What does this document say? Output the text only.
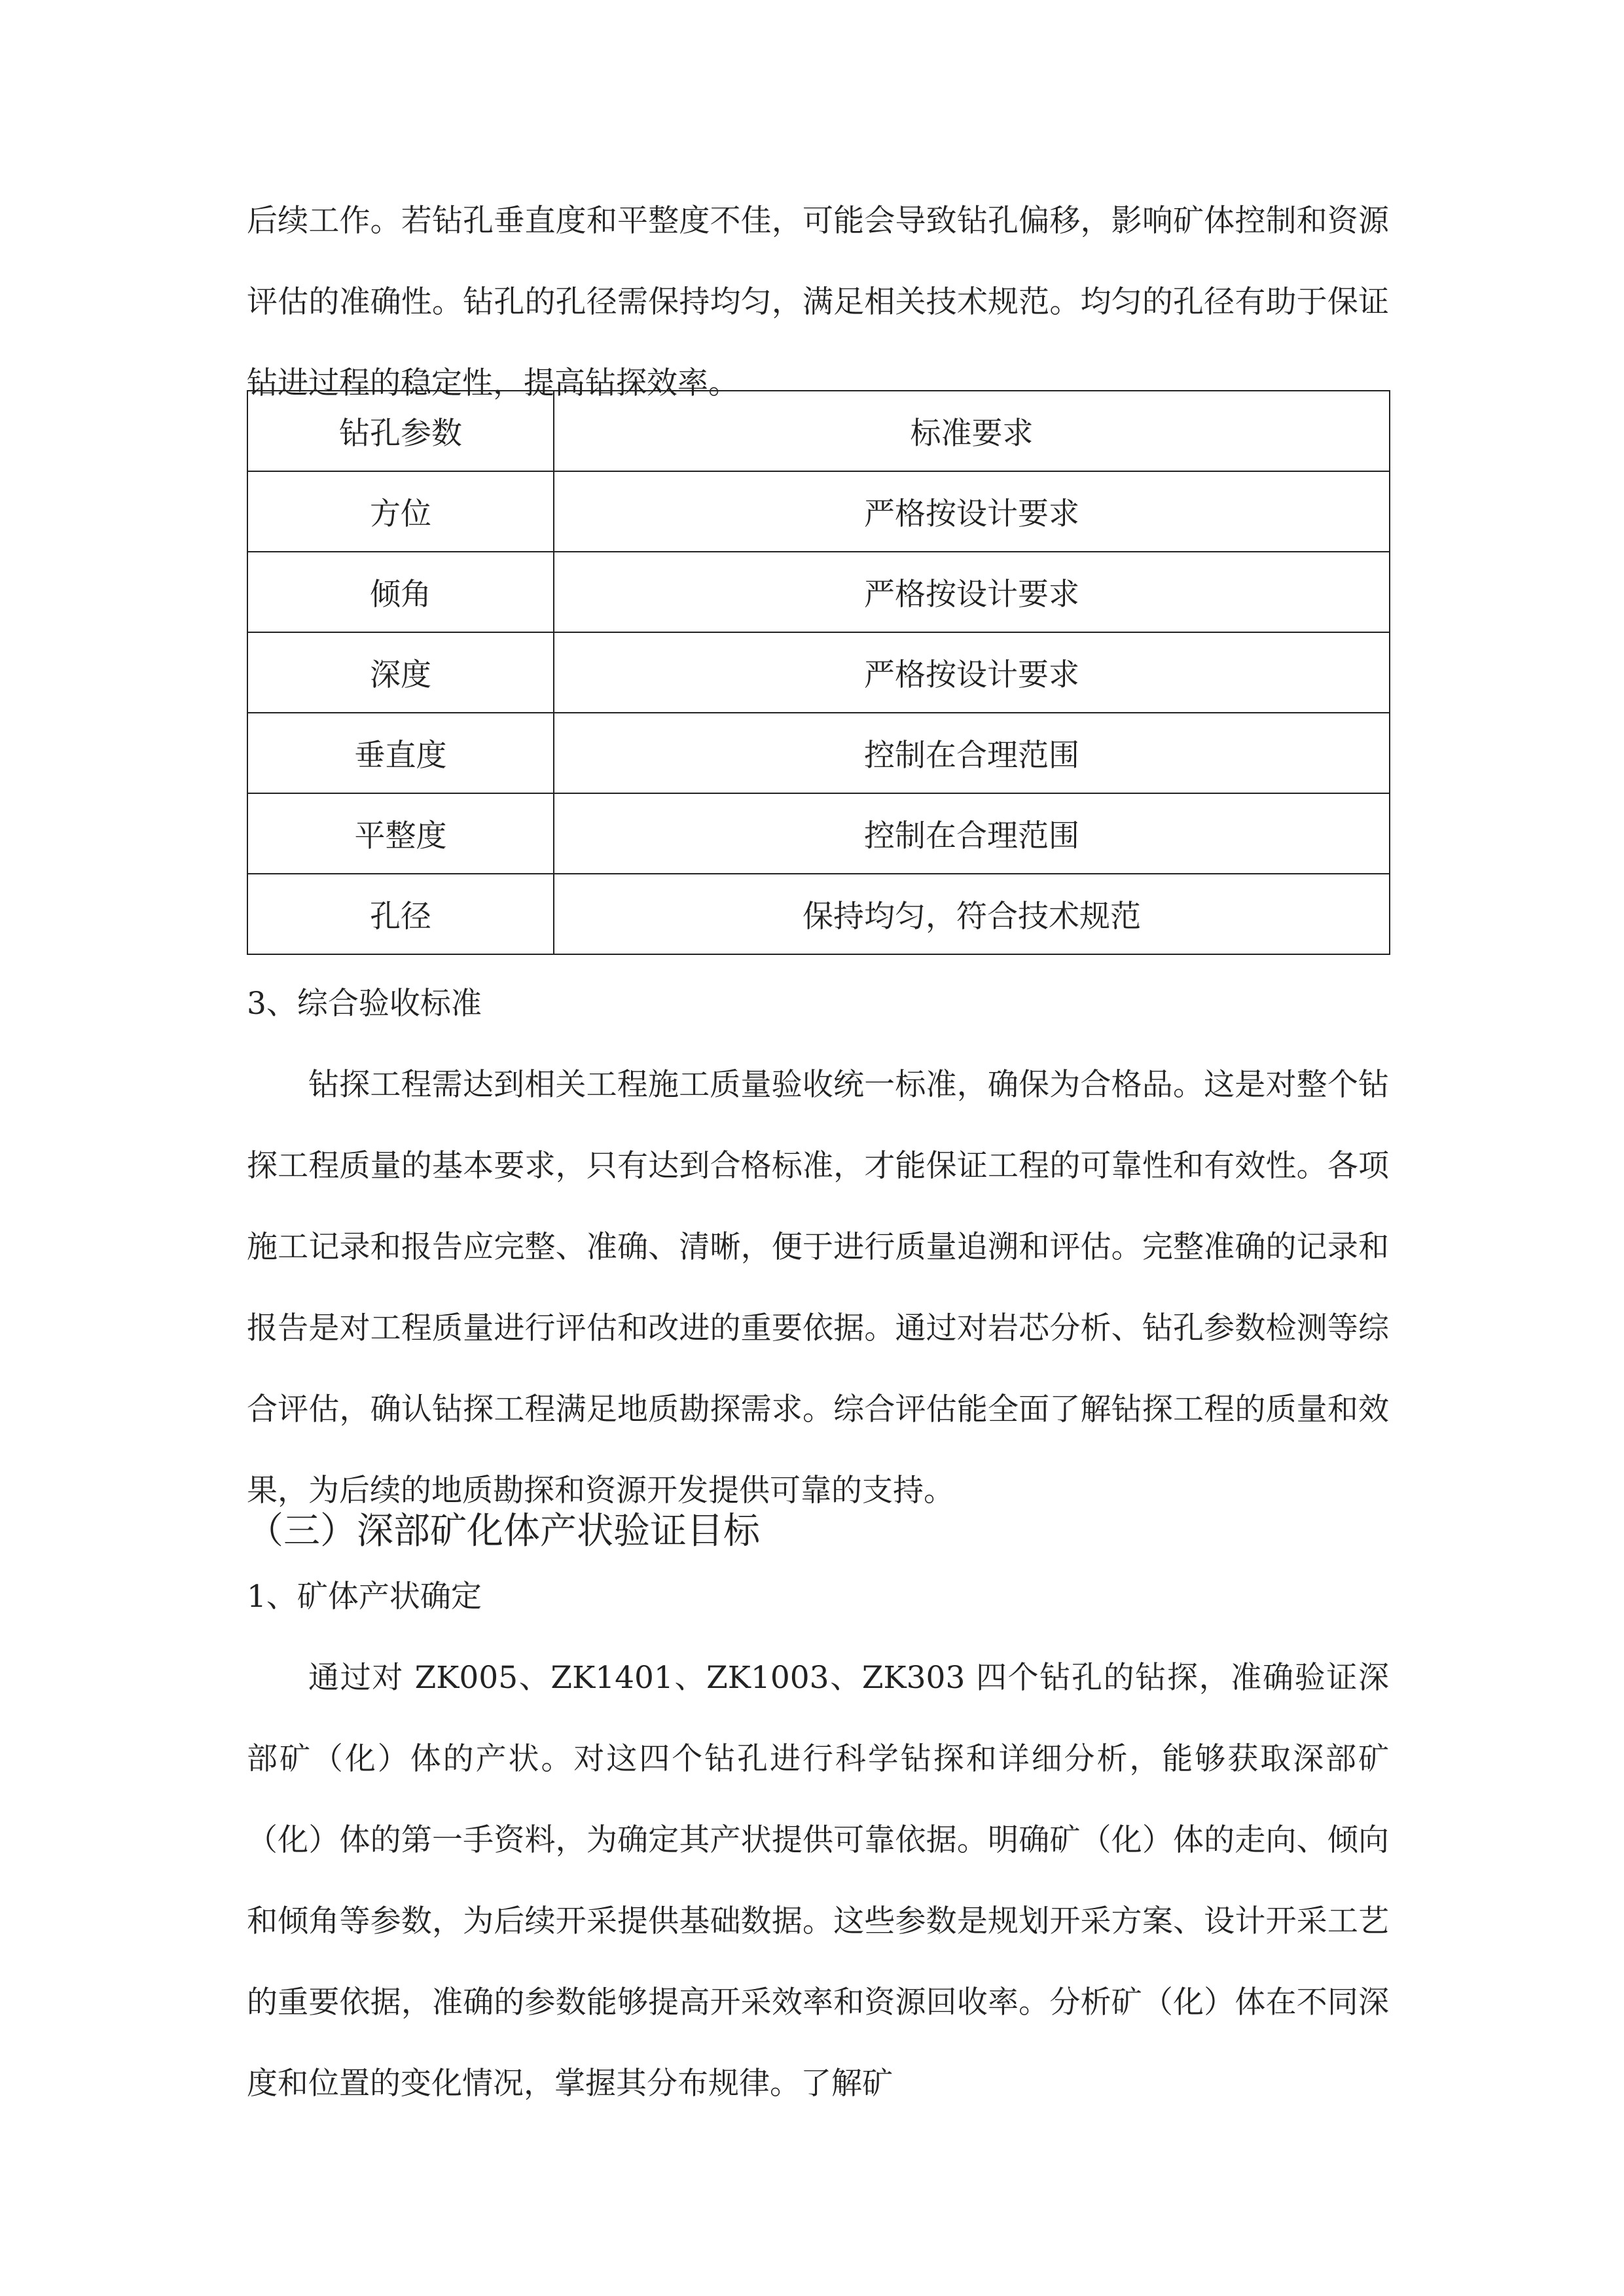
后续工作。若钻孔垂直度和平整度不佳，可能会导致钻孔偏移，影响矿体控制和资源评估的准确性。钻孔的孔径需保持均匀，满足相关技术规范。均匀的孔径有助于保证钻进过程的稳定性，提高钻探效率。
钻孔参数	标准要求
方位	严格按设计要求
倾角	严格按设计要求
深度	严格按设计要求
垂直度	控制在合理范围
平整度	控制在合理范围
孔径	保持均匀，符合技术规范
3、综合验收标准
钻探工程需达到相关工程施工质量验收统一标准，确保为合格品。这是对整个钻探工程质量的基本要求，只有达到合格标准，才能保证工程的可靠性和有效性。各项施工记录和报告应完整、准确、清晰，便于进行质量追溯和评估。完整准确的记录和报告是对工程质量进行评估和改进的重要依据。通过对岩芯分析、钻孔参数检测等综合评估，确认钻探工程满足地质勘探需求。综合评估能全面了解钻探工程的质量和效果，为后续的地质勘探和资源开发提供可靠的支持。
（三）深部矿化体产状验证目标
1、矿体产状确定
通过对 ZK005、ZK1401、ZK1003、ZK303 四个钻孔的钻探，准确验证深部矿（化）体的产状。对这四个钻孔进行科学钻探和详细分析，能够获取深部矿（化）体的第一手资料，为确定其产状提供可靠依据。明确矿（化）体的走向、倾向和倾角等参数，为后续开采提供基础数据。这些参数是规划开采方案、设计开采工艺的重要依据，准确的参数能够提高开采效率和资源回收率。分析矿（化）体在不同深度和位置的变化情况，掌握其分布规律。了解矿
